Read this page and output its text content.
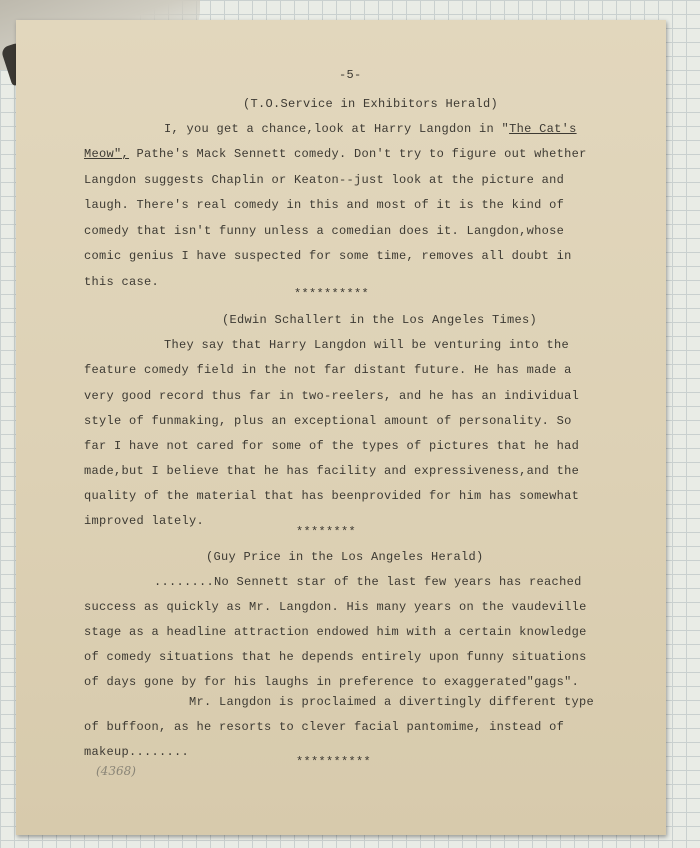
-5-
(T.O.Service in Exhibitors Herald)
I, you get a chance,look at Harry Langdon in "The Cat's
Meow", Pathe's Mack Sennett comedy. Don't try to figure out whether
Langdon suggests Chaplin or Keaton--just look at the picture and
laugh. There's real comedy in this and most of it is the kind of
comedy that isn't funny unless a comedian does it. Langdon,whose
comic genius I have suspected for some time, removes all doubt in
this case.
**********
(Edwin Schallert in the Los Angeles Times)
They say that Harry Langdon will be venturing into the
feature comedy field in the not far distant future. He has made a
very good record thus far in two-reelers, and he has an individual
style of funmaking, plus an exceptional amount of personality. So
far I have not cared for some of the types of pictures that he had
made,but I believe that he has facility and expressiveness,and the
quality of the material that has beenprovided for him has somewhat
improved lately.
********
(Guy Price in the Los Angeles Herald)
........No Sennett star of the last few years has reached
success as quickly as Mr. Langdon. His many years on the vaudeville
stage as a headline attraction endowed him with a certain knowledge
of comedy situations that he depends entirely upon funny situations
of days gone by for his laughs in preference to exaggerated"gags".
Mr. Langdon is proclaimed a divertingly different type
of buffoon, as he resorts to clever facial pantomime, instead of
makeup........
**********
(4368)
